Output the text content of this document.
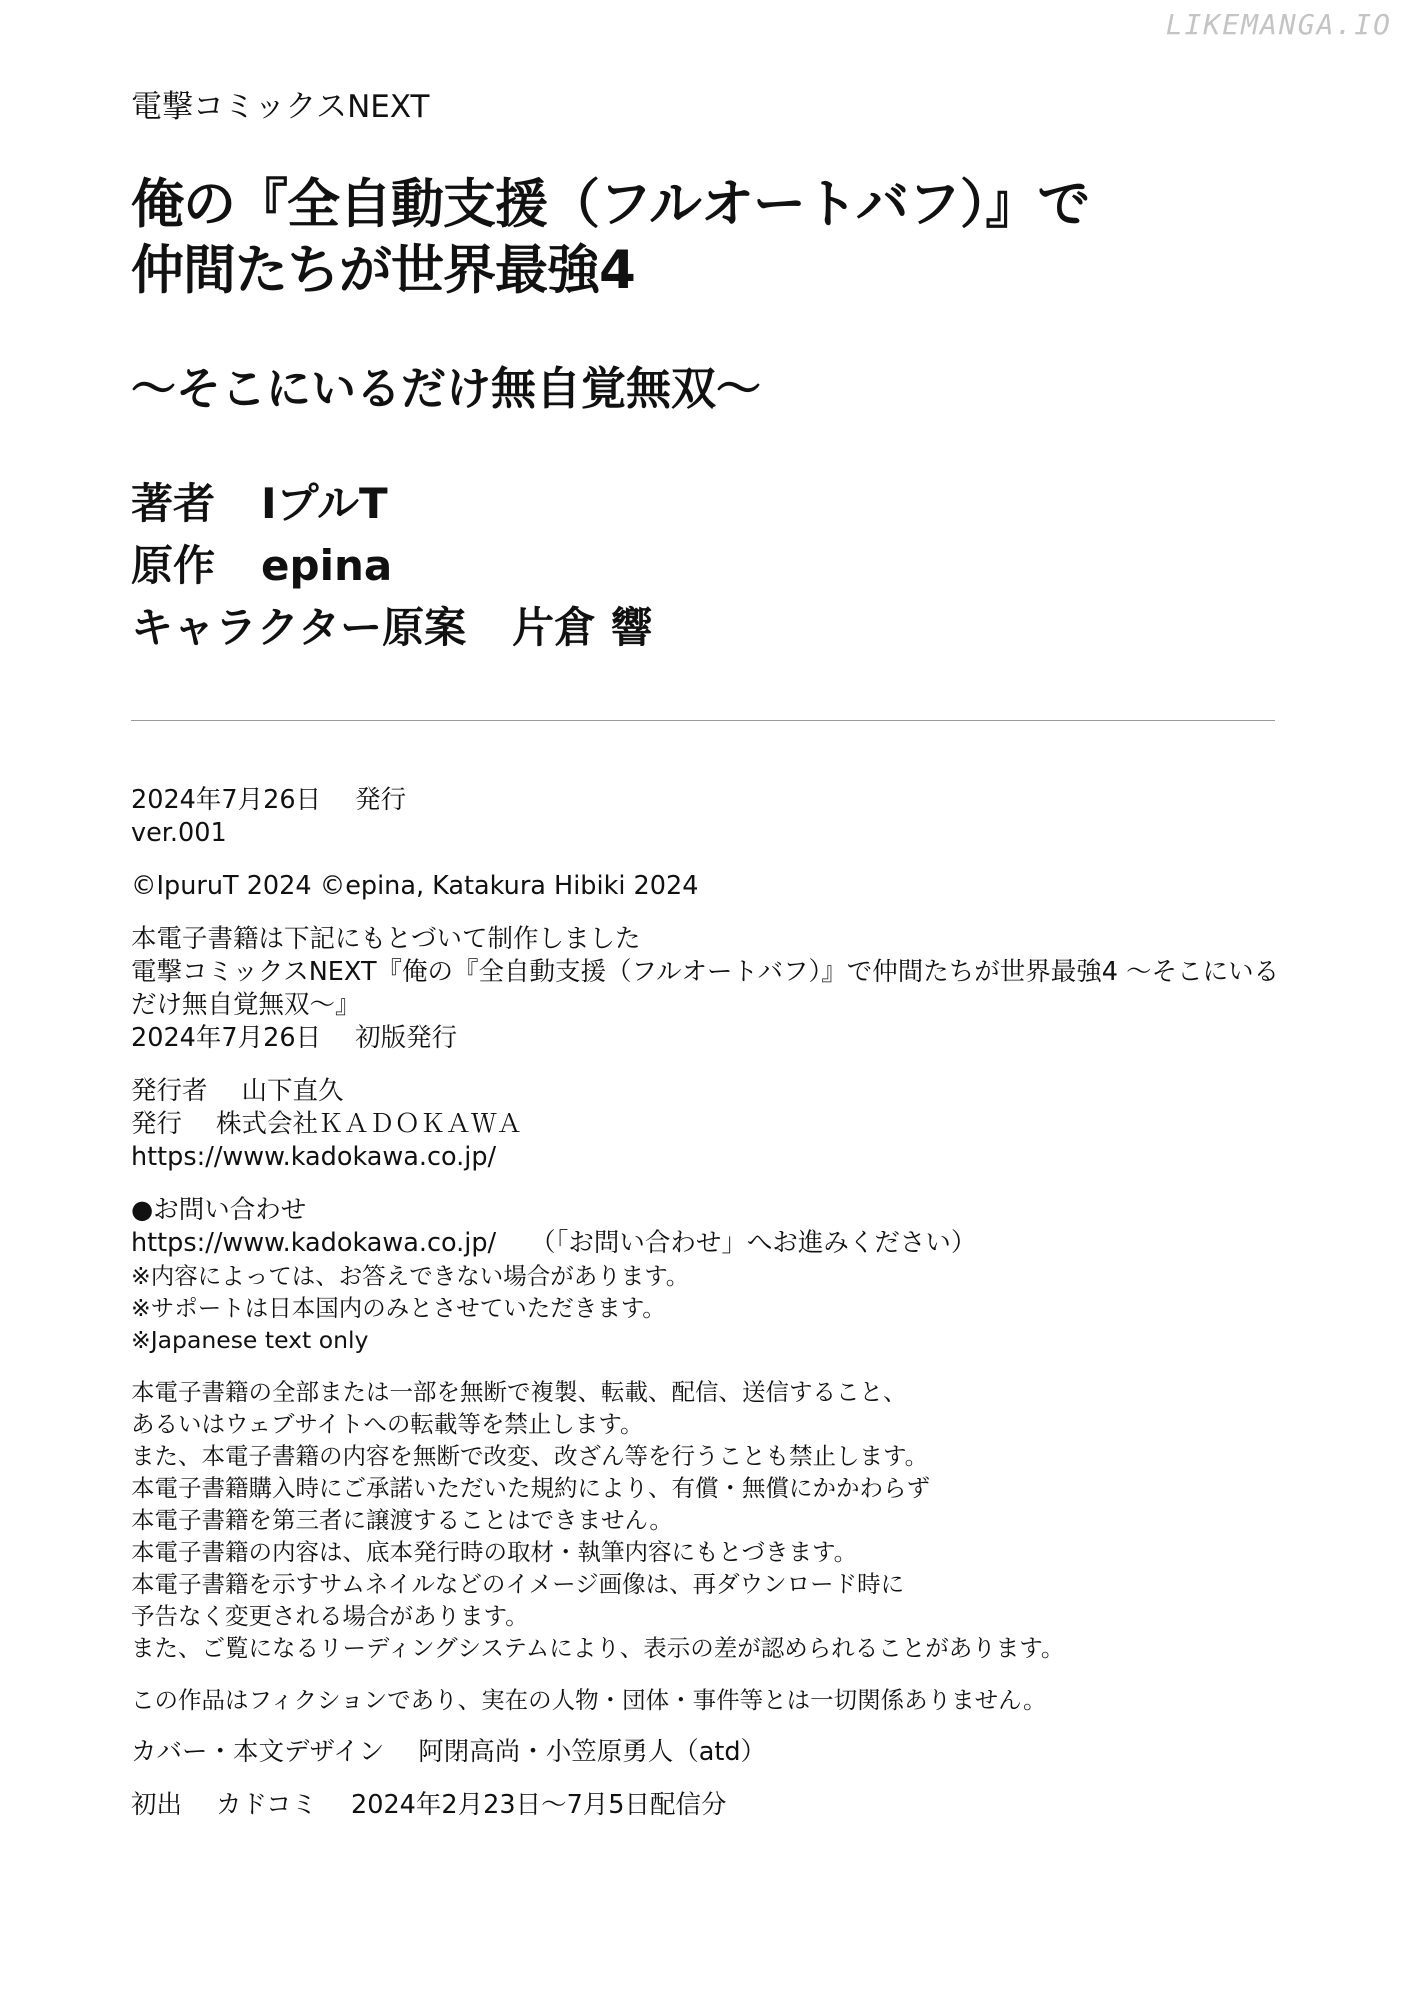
LIKEMANGA.IO
電撃コミックスNEXT
俺の『全自動支援（フルオートバフ）』で
仲間たちが世界最強4
〜そこにいるだけ無自覚無双〜
著者 IプルT
原作 epina
キャラクター原案 片倉 響
2024年7月26日 発行
ver.001
©IpuruT 2024 ©epina, Katakura Hibiki 2024
本電子書籍は下記にもとづいて制作しました
電撃コミックスNEXT『俺の『全自動支援（フルオートバフ）』で仲間たちが世界最強4 〜そこにいるだけ無自覚無双〜』
2024年7月26日 初版発行
発行者 山下直久
発行 株式会社ＫＡＤＯＫＡＷＡ
https://www.kadokawa.co.jp/
●お問い合わせ
https://www.kadokawa.co.jp/ （「お問い合わせ」へお進みください）
※内容によっては、お答えできない場合があります。
※サポートは日本国内のみとさせていただきます。
※Japanese text only
本電子書籍の全部または一部を無断で複製、転載、配信、送信すること、
あるいはウェブサイトへの転載等を禁止します。
また、本電子書籍の内容を無断で改変、改ざん等を行うことも禁止します。
本電子書籍購入時にご承諾いただいた規約により、有償・無償にかかわらず
本電子書籍を第三者に譲渡することはできません。
本電子書籍の内容は、底本発行時の取材・執筆内容にもとづきます。
本電子書籍を示すサムネイルなどのイメージ画像は、再ダウンロード時に
予告なく変更される場合があります。
また、ご覧になるリーディングシステムにより、表示の差が認められることがあります。
この作品はフィクションであり、実在の人物・団体・事件等とは一切関係ありません。
カバー・本文デザイン 阿閉高尚・小笠原勇人（atd）
初出 カドコミ 2024年2月23日〜7月5日配信分
